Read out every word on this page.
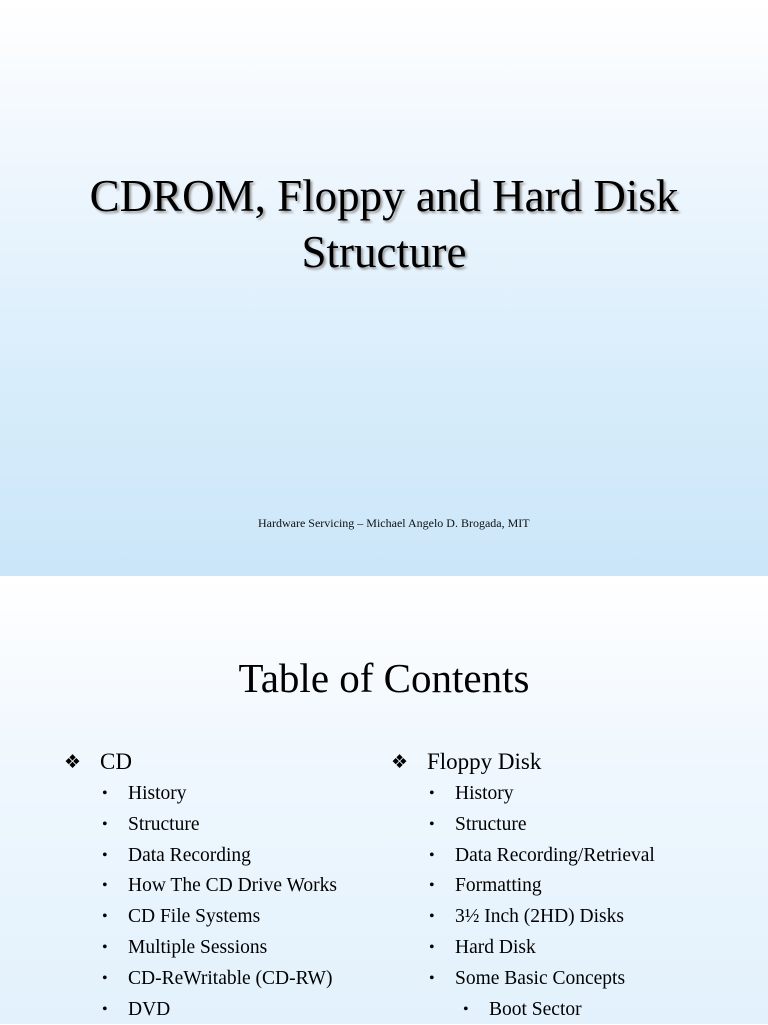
CDROM, Floppy and Hard Disk
Structure
Hardware Servicing – Michael Angelo D. Brogada, MIT
Table of Contents
❖ CD
•	History
•	Structure
•	Data Recording
•	How The CD Drive Works
•	CD File Systems
•	Multiple Sessions
•	CD-ReWritable (CD-RW)
•	DVD
❖ Floppy Disk
•	History
•	Structure
•	Data Recording/Retrieval
•	Formatting
•	3½ Inch (2HD) Disks
•	Hard Disk
•	Some Basic Concepts
•	Boot Sector
